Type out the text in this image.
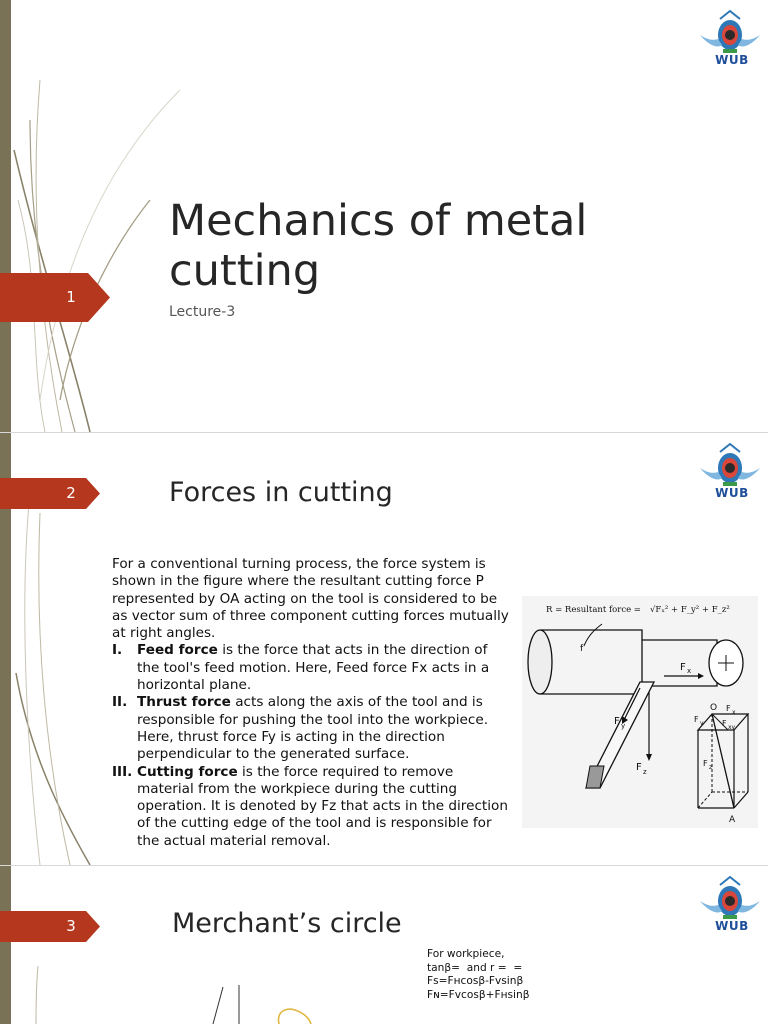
1
WUB
Mechanics of metal cutting
Lecture-3
2	WUB
Forces in cutting

For a conventional turning process, the force system is shown in the figure where the resultant cutting force P represented by OA acting on the tool is considered to be as vector sum of three component cutting forces mutually at right angles.

I. Feed force is the force that acts in the direction of the tool's feed motion. Here, Feed force Fx acts in a horizontal plane.
II. Thrust force acts along the axis of the tool and is responsible for pushing the tool into the workpiece. Here, thrust force Fy is acting in the direction perpendicular to the generated surface.
III. Cutting force is the force required to remove material from the workpiece during the cutting operation. It is denoted by Fz that acts in the direction of the cutting edge of the tool and is responsible for the actual material removal.
R = Resultant force = √Fₓ² + F_y² + F_z²
f
F x
F y
F z
O
A
F x
F y F xy
F z
3	WUB
Merchant’s circle
For workpiece,
tanβ=  and r =  =
Fs=Fнcosβ-Fvsinβ
Fɴ=Fvcosβ+Fнsinβ
